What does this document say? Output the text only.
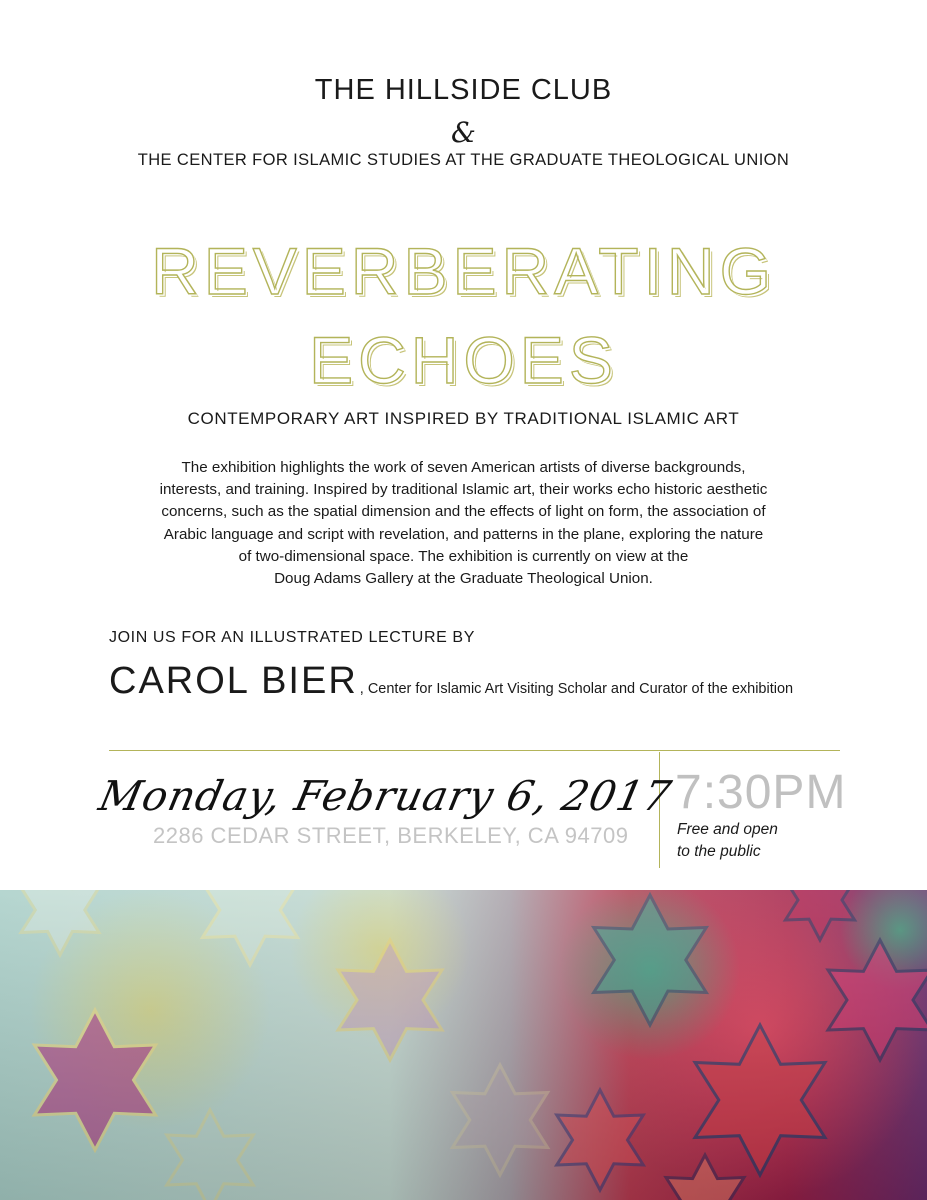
THE HILLSIDE CLUB
&
THE CENTER FOR ISLAMIC STUDIES AT THE GRADUATE THEOLOGICAL UNION
REVERBERATING
ECHOES
CONTEMPORARY ART INSPIRED BY TRADITIONAL ISLAMIC ART
The exhibition highlights the work of seven American artists of diverse backgrounds,
interests, and training. Inspired by traditional Islamic art, their works echo historic aesthetic
concerns, such as the spatial dimension and the effects of light on form, the association of
Arabic language and script with revelation, and patterns in the plane, exploring the nature
of two-dimensional space. The exhibition is currently on view at the
Doug Adams Gallery at the Graduate Theological Union.
JOIN US FOR AN ILLUSTRATED LECTURE BY
CAROL BIER , Center for Islamic Art Visiting Scholar and Curator of the exhibition
Monday, February 6, 2017
2286 CEDAR STREET, BERKELEY, CA 94709
7:30PM
Free and open
to the public
